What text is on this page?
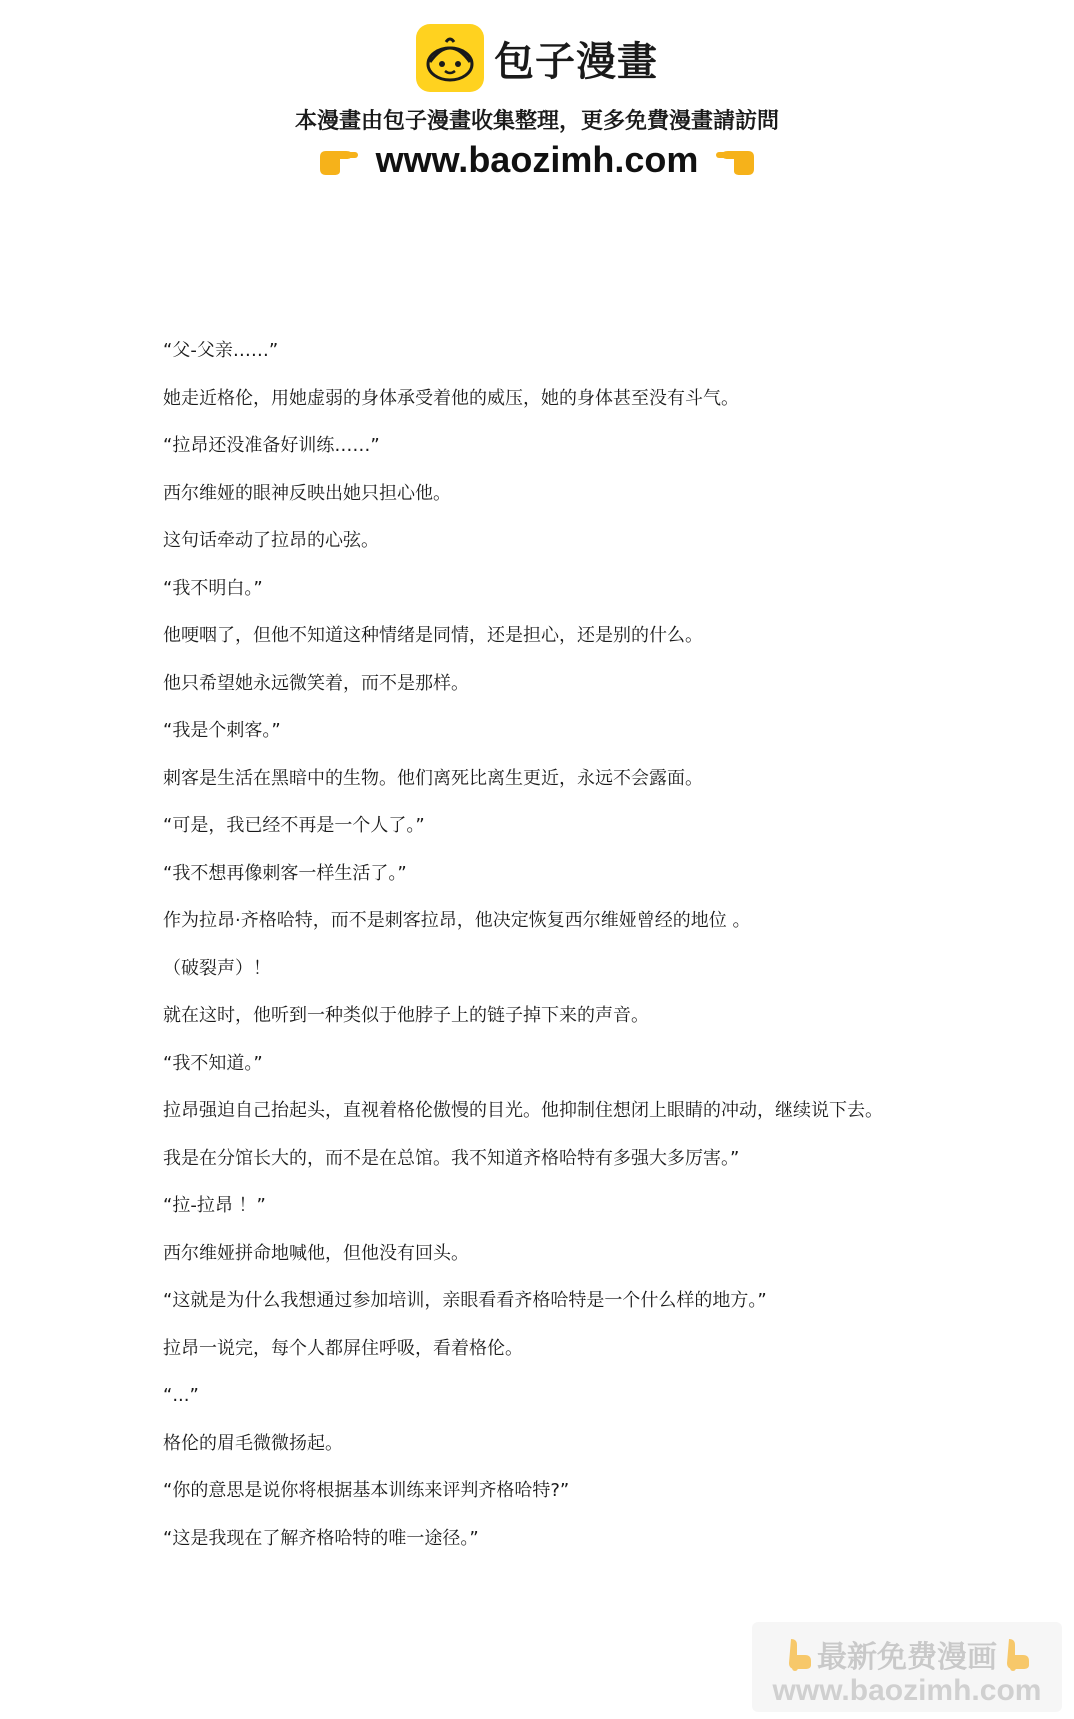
包子漫畫
本漫畫由包子漫畫收集整理，更多免費漫畫請訪問
www.baozimh.com

“父-父亲……”

她走近格伦，用她虚弱的身体承受着他的威压，她的身体甚至没有斗气。

“拉昂还没准备好训练……”

西尔维娅的眼神反映出她只担心他。

这句话牵动了拉昂的心弦。

“我不明白。”

他哽咽了，但他不知道这种情绪是同情，还是担心，还是别的什么。

他只希望她永远微笑着，而不是那样。

“我是个刺客。”

刺客是生活在黑暗中的生物。他们离死比离生更近，永远不会露面。

“可是，我已经不再是一个人了。”

“我不想再像刺客一样生活了。”

作为拉昂·齐格哈特，而不是刺客拉昂，他决定恢复西尔维娅曾经的地位 。

（破裂声）！

就在这时，他听到一种类似于他脖子上的链子掉下来的声音。

“我不知道。”

拉昂强迫自己抬起头，直视着格伦傲慢的目光。他抑制住想闭上眼睛的冲动，继续说下去。

我是在分馆长大的，而不是在总馆。我不知道齐格哈特有多强大多厉害。”

“拉-拉昂 ！”

西尔维娅拼命地喊他，但他没有回头。

“这就是为什么我想通过参加培训，亲眼看看齐格哈特是一个什么样的地方。”

拉昂一说完，每个人都屏住呼吸，看着格伦。

“...”

格伦的眉毛微微扬起。

“你的意思是说你将根据基本训练来评判齐格哈特?”

“这是我现在了解齐格哈特的唯一途径。”

最新免费漫画
www.baozimh.com
